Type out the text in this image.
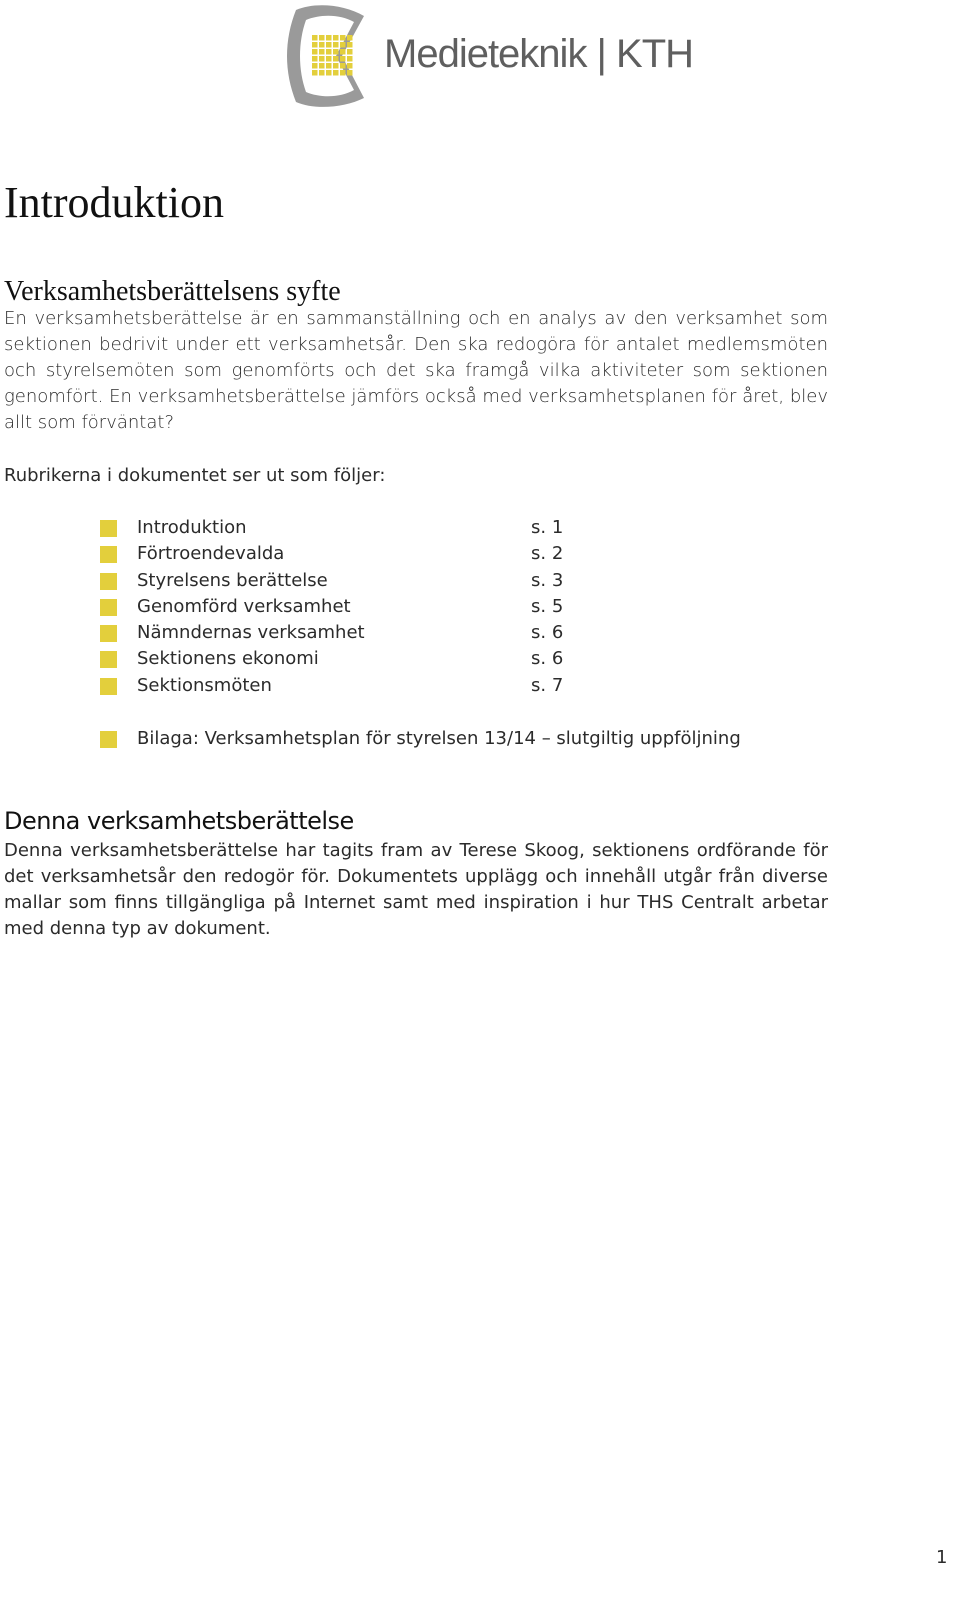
Medieteknik | KTH
Introduktion
Verksamhetsberättelsens syfte

En verksamhetsberättelse är en sammanställning och en analys av den verksamhet som sektionen bedrivit under ett verksamhetsår. Den ska redogöra för antalet medlemsmöten och styrelsemöten som genomförts och det ska framgå vilka aktiviteter som sektionen genomfört. En verksamhetsberättelse jämförs också med verksamhetsplanen för året, blev allt som förväntat?

Rubrikerna i dokumentet ser ut som följer:

Introduktion	s. 1
Förtroendevalda	s. 2
Styrelsens berättelse	s. 3
Genomförd verksamhet	s. 5
Nämndernas verksamhet	s. 6
Sektionens ekonomi	s. 6
Sektionsmöten	s. 7
Bilaga: Verksamhetsplan för styrelsen 13/14 – slutgiltig uppföljning
Denna verksamhetsberättelse

Denna verksamhetsberättelse har tagits fram av Terese Skoog, sektionens ordförande för det verksamhetsår den redogör för. Dokumentets upplägg och innehåll utgår från diverse mallar som finns tillgängliga på Internet samt med inspiration i hur THS Centralt arbetar med denna typ av dokument.

1
